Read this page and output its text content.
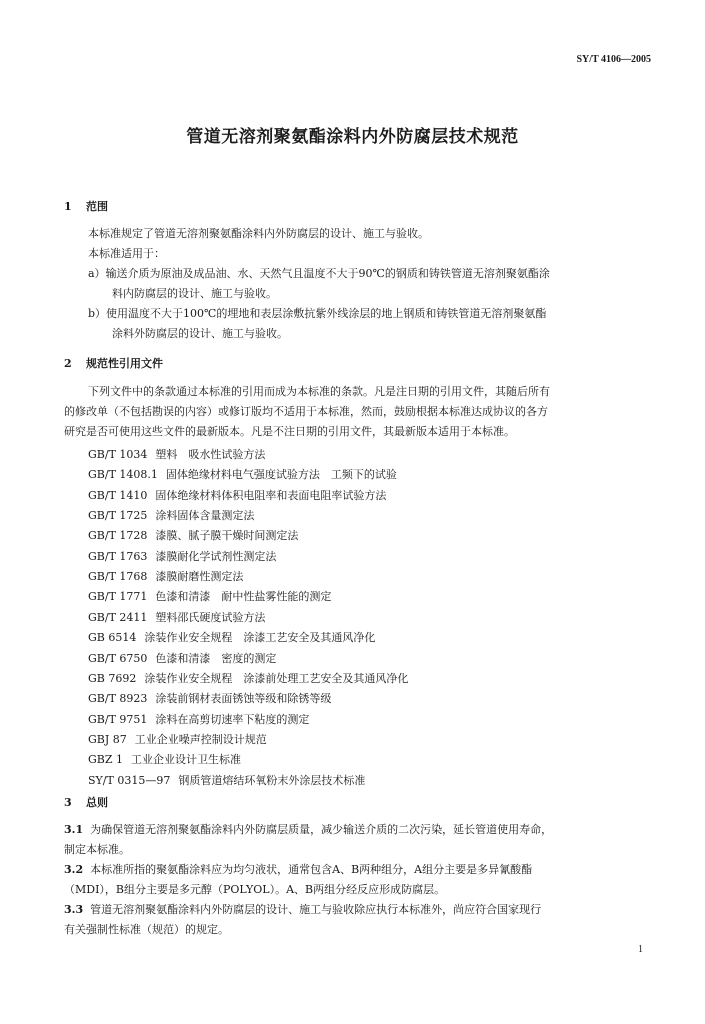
SY/T 4106—2005
管道无溶剂聚氨酯涂料内外防腐层技术规范
1 范围
本标准规定了管道无溶剂聚氨酯涂料内外防腐层的设计、施工与验收。
本标准适用于：
a）输送介质为原油及成品油、水、天然气且温度不大于90℃的钢质和铸铁管道无溶剂聚氨酯涂
料内防腐层的设计、施工与验收。
b）使用温度不大于100℃的埋地和表层涂敷抗紫外线涂层的地上钢质和铸铁管道无溶剂聚氨酯
涂料外防腐层的设计、施工与验收。
2 规范性引用文件
下列文件中的条款通过本标准的引用而成为本标准的条款。凡是注日期的引用文件，其随后所有
的修改单（不包括勘误的内容）或修订版均不适用于本标准，然而，鼓励根据本标准达成协议的各方
研究是否可使用这些文件的最新版本。凡是不注日期的引用文件，其最新版本适用于本标准。
GB/T 1034 塑料　吸水性试验方法
GB/T 1408.1 固体绝缘材料电气强度试验方法　工频下的试验
GB/T 1410 固体绝缘材料体积电阻率和表面电阻率试验方法
GB/T 1725 涂料固体含量测定法
GB/T 1728 漆膜、腻子膜干燥时间测定法
GB/T 1763 漆膜耐化学试剂性测定法
GB/T 1768 漆膜耐磨性测定法
GB/T 1771 色漆和清漆　耐中性盐雾性能的测定
GB/T 2411 塑料邵氏硬度试验方法
GB 6514 涂装作业安全规程　涂漆工艺安全及其通风净化
GB/T 6750 色漆和清漆　密度的测定
GB 7692 涂装作业安全规程　涂漆前处理工艺安全及其通风净化
GB/T 8923 涂装前钢材表面锈蚀等级和除锈等级
GB/T 9751 涂料在高剪切速率下粘度的测定
GBJ 87 工业企业噪声控制设计规范
GBZ 1 工业企业设计卫生标准
SY/T 0315—97 钢质管道熔结环氧粉末外涂层技术标准
3 总则
3.1 为确保管道无溶剂聚氨酯涂料内外防腐层质量，减少输送介质的二次污染，延长管道使用寿命，
制定本标准。
3.2 本标准所指的聚氨酯涂料应为均匀液状，通常包含A、B两种组分，A组分主要是多异氰酸酯
（MDI），B组分主要是多元醇（POLYOL）。A、B两组分经反应形成防腐层。
3.3 管道无溶剂聚氨酯涂料内外防腐层的设计、施工与验收除应执行本标准外，尚应符合国家现行
有关强制性标准（规范）的规定。
1
